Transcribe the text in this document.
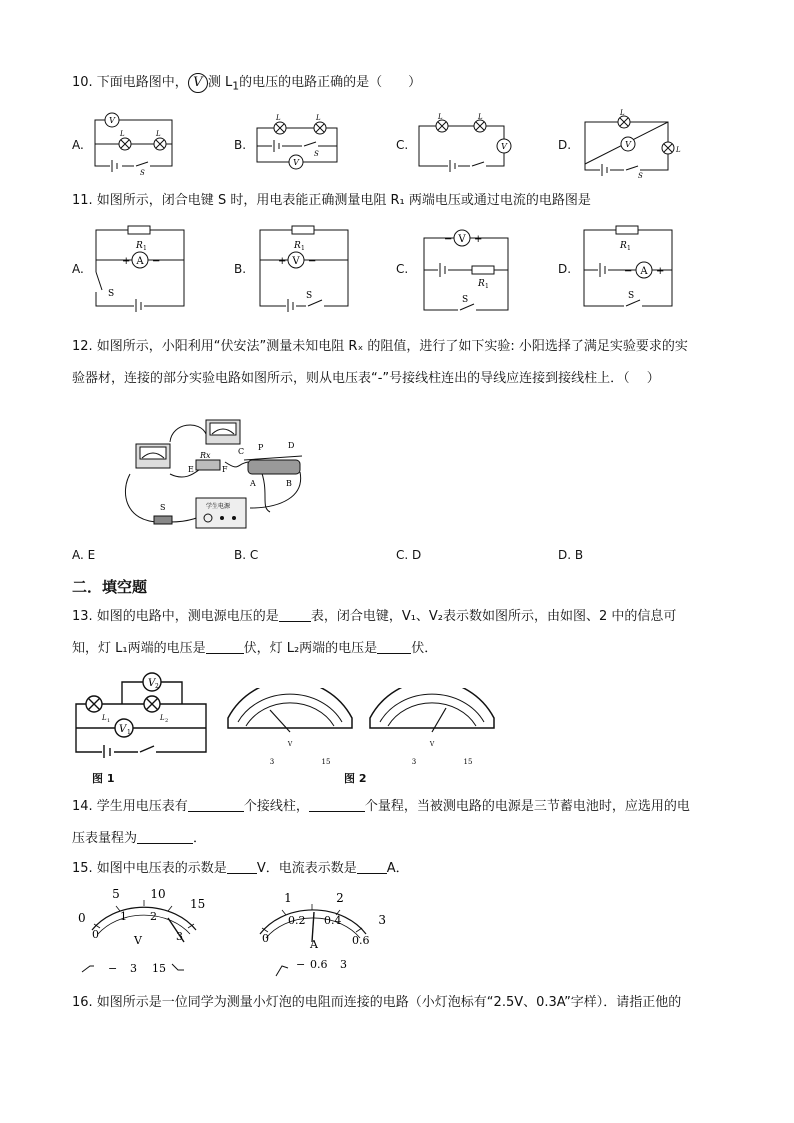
10. 下面电路图中， V 测 $L_1$的电压的电路正确的是（　　）
A.	B.	C.	D.
V
L	L
S
V
L	L
S
V
L	L
V
L
L
S
11. 如图所示，闭合电键 S 时，用电表能正确测量电阻 R₁ 两端电压或通过电流的电路图是
A.	B.	C.	D.
A
+ −
R 1
S
V
+ −
R 1
S
V
− +
R 1
S
R 1
A
− +
S
12. 如图所示，小阳利用“伏安法”测量未知电阻 Rₓ 的阻值，进行了如下实验: 小阳选择了满足实验要求的实
验器材，连接的部分实验电路如图所示，则从电压表“-”号接线柱连出的导线应连接到接线柱上．（　 ）
Rx
E	F
C P	D
A	B
学生电源
S
A. E	B. C	C. D	D. B
二．填空题
13. 如图的电路中，测电源电压的是 表，闭合电键，V₁、V₂表示数如图所示，由如图、2 中的信息可
知，灯 L₁两端的电压是	伏，灯 L₂两端的电压是	伏．
V 2
V 1
L 1	L 2
图 1
V
3	15
V
3	15
图 2
14. 学生用电压表有	个接线柱，	个量程，当被测电路的电源是三节蓄电池时，应选用的电
压表量程为	．
15. 如图中电压表的示数是 V．电流表示数是 A．
5	10
0
15
0
1 2
3
V
− 3 15
1	2
3
0
0.2 0.4
0.6
A
− 0.6 3
16. 如图所示是一位同学为测量小灯泡的电阻而连接的电路（小灯泡标有“2.5V、0.3A”字样）．请指正他的
